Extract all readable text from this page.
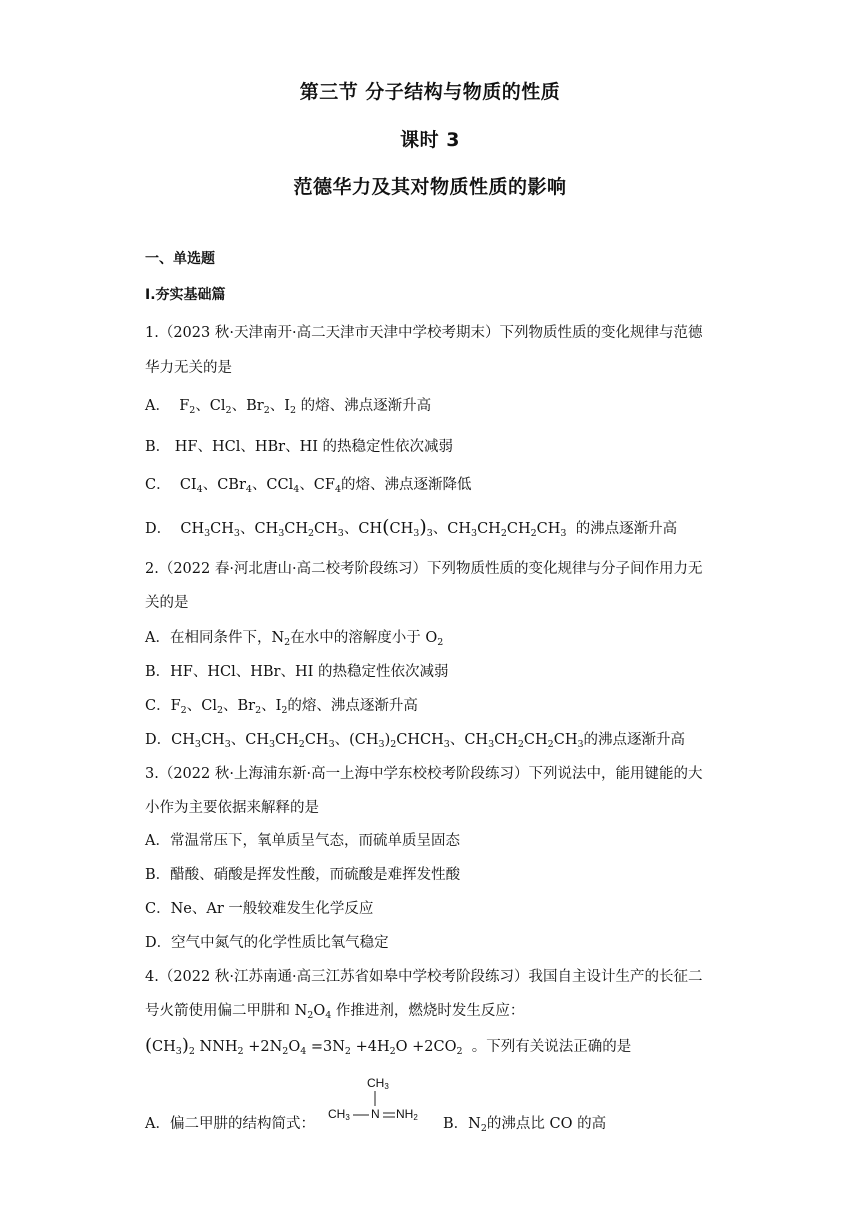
第三节 分子结构与物质的性质
课时 3
范德华力及其对物质性质的影响
一、单选题
Ⅰ.夯实基础篇
1.（2023 秋·天津南开·高二天津市天津中学校考期末）下列物质性质的变化规律与范德
华力无关的是
A．  $F_2$、$Cl_2$、$Br_2$、$I_2$ 的熔、沸点逐渐升高
B． HF、HCl、HBr、HI 的热稳定性依次减弱
C．  $CI_4$、CBr$_4$、CCl$_4$、$CF_4$的熔、沸点逐渐降低
D．  $CH_3CH_3$、$CH_3CH_2CH_3$、$CH(CH_3)_3$、$CH_3CH_2CH_2CH_3$ 的沸点逐渐升高
2.（2022 春·河北唐山·高二校考阶段练习）下列物质性质的变化规律与分子间作用力无
关的是
A．在相同条件下，$N_2$在水中的溶解度小于 $O_2$
B．HF、HCl、HBr、HI 的热稳定性依次减弱
C．$F_2$、$Cl_2$、$Br_2$、$I_2$的熔、沸点逐渐升高
D．$CH_3CH_3$、$CH_3CH_2CH_3$、$(CH_3)_2CHCH_3$、$CH_3CH_2CH_2CH_3$的沸点逐渐升高
3.（2022 秋·上海浦东新·高一上海中学东校校考阶段练习）下列说法中，能用键能的大
小作为主要依据来解释的是
A．常温常压下，氧单质呈气态，而硫单质呈固态
B．醋酸、硝酸是挥发性酸，而硫酸是难挥发性酸
C．Ne、Ar 一般较难发生化学反应
D．空气中氮气的化学性质比氧气稳定
4.（2022 秋·江苏南通·高三江苏省如皋中学校考阶段练习）我国自主设计生产的长征二
号火箭使用偏二甲肼和 $N_2O_4$ 作推进剂，燃烧时发生反应：
$(CH_3)_2$ $NNH_2 +2N_2O_4 =3N_2 +4H_2O +2CO_2$ 。下列有关说法正确的是
A．偏二甲肼的结构简式：
$CH_3$
$CH_3$ N $NH_2$ B．$N_2$的沸点比 CO 的高
